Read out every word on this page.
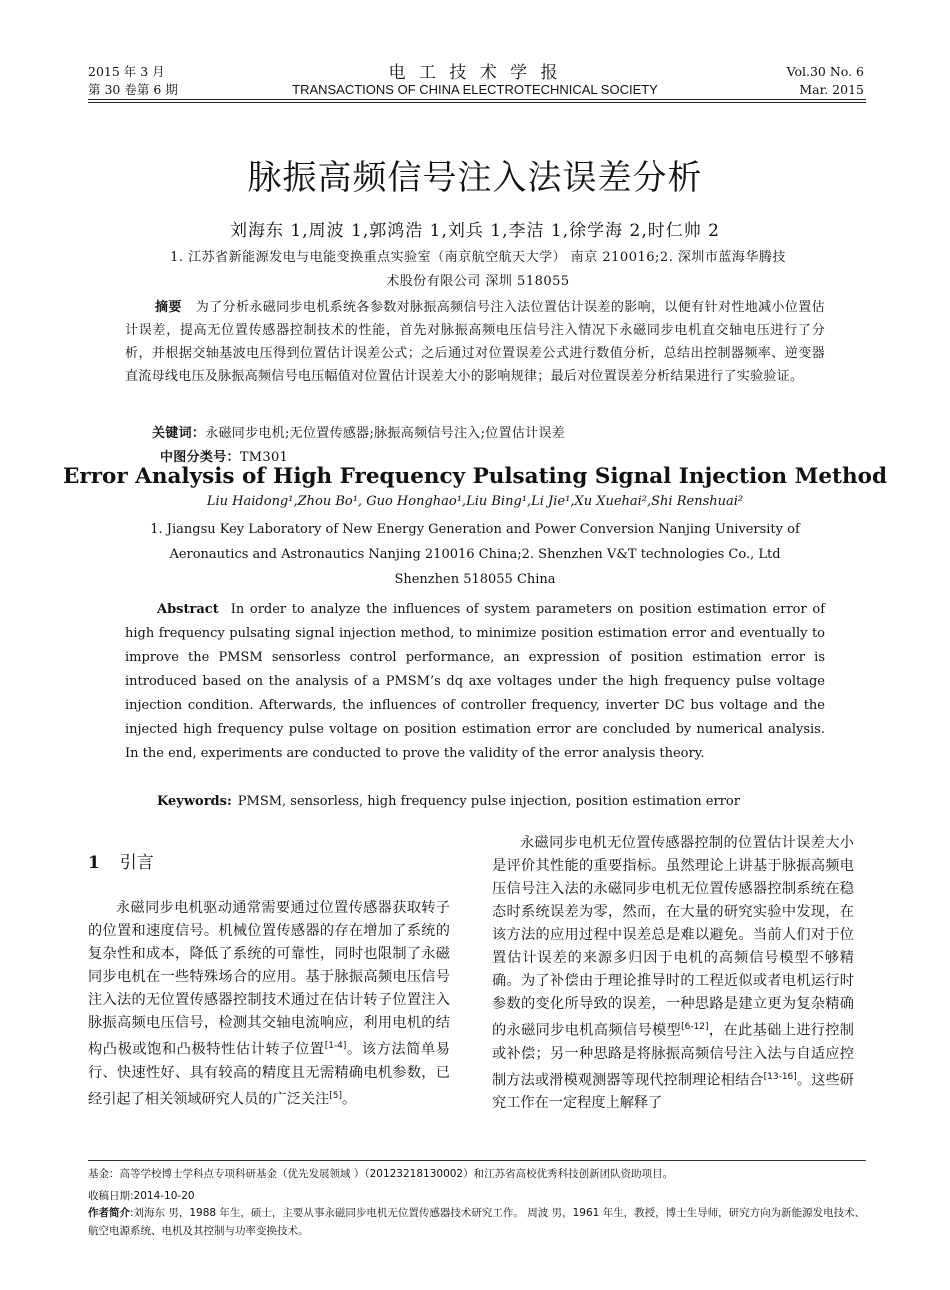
2015 年 3 月
第 30 卷第 6 期
电 工 技 术 学 报
TRANSACTIONS OF CHINA ELECTROTECHNICAL SOCIETY
Vol.30 No. 6
Mar. 2015
脉振高频信号注入法误差分析
刘海东 1,周波 1,郭鸿浩 1,刘兵 1,李洁 1,徐学海 2,时仁帅 2
1. 江苏省新能源发电与电能变换重点实验室（南京航空航天大学） 南京 210016;2. 深圳市蓝海华腾技
术股份有限公司 深圳 518055
摘要 为了分析永磁同步电机系统各参数对脉振高频信号注入法位置估计误差的影响，以便有针对性地减小位置估计误差，提高无位置传感器控制技术的性能，首先对脉振高频电压信号注入情况下永磁同步电机直交轴电压进行了分析，并根据交轴基波电压得到位置估计误差公式；之后通过对位置误差公式进行数值分析，总结出控制器频率、逆变器直流母线电压及脉振高频信号电压幅值对位置估计误差大小的影响规律；最后对位置误差分析结果进行了实验验证。
关键词：永磁同步电机;无位置传感器;脉振高频信号注入;位置估计误差
中图分类号：TM301
Error Analysis of High Frequency Pulsating Signal Injection Method
Liu Haidong¹,Zhou Bo¹, Guo Honghao¹,Liu Bing¹,Li Jie¹,Xu Xuehai²,Shi Renshuai²
1. Jiangsu Key Laboratory of New Energy Generation and Power Conversion Nanjing University of
Aeronautics and Astronautics Nanjing 210016 China;2. Shenzhen V&T technologies Co., Ltd
Shenzhen 518055 China
Abstract In order to analyze the influences of system parameters on position estimation error of high frequency pulsating signal injection method, to minimize position estimation error and eventually to improve the PMSM sensorless control performance, an expression of position estimation error is introduced based on the analysis of a PMSM’s dq axe voltages under the high frequency pulse voltage injection condition. Afterwards, the influences of controller frequency, inverter DC bus voltage and the injected high frequency pulse voltage on position estimation error are concluded by numerical analysis. In the end, experiments are conducted to prove the validity of the error analysis theory.
Keywords: PMSM, sensorless, high frequency pulse injection, position estimation error
1 引言
永磁同步电机驱动通常需要通过位置传感器获取转子的位置和速度信号。机械位置传感器的存在增加了系统的复杂性和成本，降低了系统的可靠性，同时也限制了永磁同步电机在一些特殊场合的应用。基于脉振高频电压信号注入法的无位置传感器控制技术通过在估计转子位置注入脉振高频电压信号，检测其交轴电流响应，利用电机的结构凸极或饱和凸极特性估计转子位置[1-4]。该方法简单易行、快速性好、具有较高的精度且无需精确电机参数，已经引起了相关领域研究人员的广泛关注[5]。
永磁同步电机无位置传感器控制的位置估计误差大小是评价其性能的重要指标。虽然理论上讲基于脉振高频电压信号注入法的永磁同步电机无位置传感器控制系统在稳态时系统误差为零，然而，在大量的研究实验中发现，在该方法的应用过程中误差总是难以避免。当前人们对于位置估计误差的来源多归因于电机的高频信号模型不够精确。为了补偿由于理论推导时的工程近似或者电机运行时参数的变化所导致的误差，一种思路是建立更为复杂精确的永磁同步电机高频信号模型[6-12]，在此基础上进行控制或补偿；另一种思路是将脉振高频信号注入法与自适应控制方法或滑模观测器等现代控制理论相结合[13-16]。这些研究工作在一定程度上解释了
基金：高等学校博士学科点专项科研基金（优先发展领域 ）（20123218130002）和江苏省高校优秀科技创新团队资助项目。
收稿日期:2014-10-20
作者简介:刘海东 男，1988 年生，硕士，主要从事永磁同步电机无位置传感器技术研究工作。 周波 男，1961 年生，教授，博士生导师，研究方向为新能源发电技术、航空电源系统、电机及其控制与功率变换技术。
